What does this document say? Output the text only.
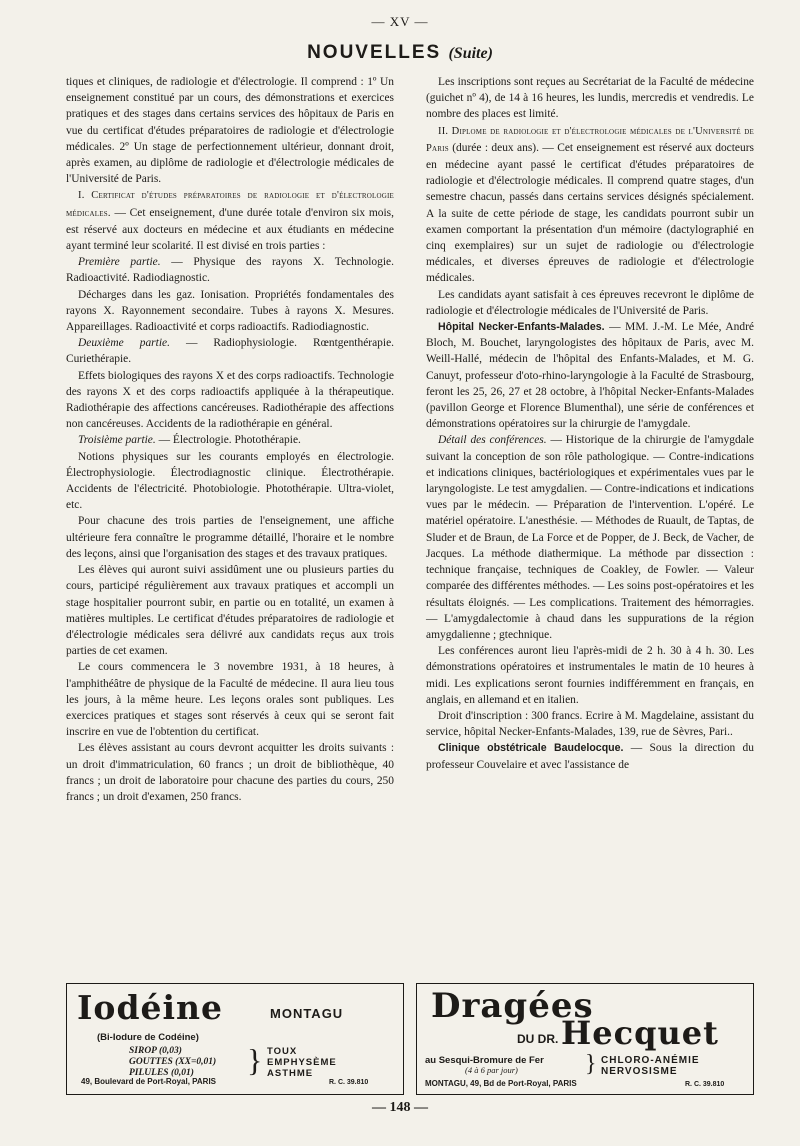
— XV —
NOUVELLES (Suite)

tiques et cliniques, de radiologie et d'électrologie. Il comprend : 1º Un enseignement constitué par un cours, des démonstrations et exercices pratiques et des stages dans certains services des hôpitaux de Paris en vue du certificat d'études préparatoires de radiologie et d'électrologie médicales. 2º Un stage de perfectionnement ultérieur, donnant droit, après examen, au diplôme de radiologie et d'électrologie médicales de l'Université de Paris.

I. Certificat d'études préparatoires de radiologie et d'électrologie médicales. — Cet enseignement, d'une durée totale d'environ six mois, est réservé aux docteurs en médecine et aux étudiants en médecine ayant terminé leur scolarité. Il est divisé en trois parties :

Première partie. — Physique des rayons X. Technologie. Radioactivité. Radiodiagnostic.

Décharges dans les gaz. Ionisation. Propriétés fondamentales des rayons X. Rayonnement secondaire. Tubes à rayons X. Mesures. Appareillages. Radioactivité et corps radioactifs. Radiodiagnostic.

Deuxième partie. — Radiophysiologie. Rœntgenthérapie. Curiethérapie.

Effets biologiques des rayons X et des corps radioactifs. Technologie des rayons X et des corps radioactifs appliquée à la thérapeutique. Radiothérapie des affections cancéreuses. Radiothérapie des affections non cancéreuses. Accidents de la radiothérapie en général.

Troisième partie. — Électrologie. Photothérapie.

Notions physiques sur les courants employés en électrologie. Électrophysiologie. Électrodiagnostic clinique. Électrothérapie. Accidents de l'électricité. Photobiologie. Photothérapie. Ultra-violet, etc.

Pour chacune des trois parties de l'enseignement, une affiche ultérieure fera connaître le programme détaillé, l'horaire et le nombre des leçons, ainsi que l'organisation des stages et des travaux pratiques.

Les élèves qui auront suivi assidûment une ou plusieurs parties du cours, participé régulièrement aux travaux pratiques et accompli un stage hospitalier pourront subir, en partie ou en totalité, un examen à matières multiples. Le certificat d'études préparatoires de radiologie et d'électrologie médicales sera délivré aux candidats reçus aux trois parties de cet examen.

Le cours commencera le 3 novembre 1931, à 18 heures, à l'amphithéâtre de physique de la Faculté de médecine. Il aura lieu tous les jours, à la même heure. Les leçons orales sont publiques. Les exercices pratiques et stages sont réservés à ceux qui se seront fait inscrire en vue de l'obtention du certificat.

Les élèves assistant au cours devront acquitter les droits suivants : un droit d'immatriculation, 60 francs ; un droit de bibliothèque, 40 francs ; un droit de laboratoire pour chacune des parties du cours, 250 francs ; un droit d'examen, 250 francs.

Les inscriptions sont reçues au Secrétariat de la Faculté de médecine (guichet nº 4), de 14 à 16 heures, les lundis, mercredis et vendredis. Le nombre des places est limité.

II. Diplome de radiologie et d'électrologie médicales de l'Université de Paris (durée : deux ans). — Cet enseignement est réservé aux docteurs en médecine ayant passé le certificat d'études préparatoires de radiologie et d'électrologie médicales. Il comprend quatre stages, d'un semestre chacun, passés dans certains services désignés spécialement. A la suite de cette période de stage, les candidats pourront subir un examen comportant la présentation d'un mémoire (dactylographié en cinq exemplaires) sur un sujet de radiologie ou d'électrologie médicales, et diverses épreuves de radiologie et d'électrologie médicales.

Les candidats ayant satisfait à ces épreuves recevront le diplôme de radiologie et d'électrologie médicales de l'Université de Paris.

Hôpital Necker-Enfants-Malades. — MM. J.-M. Le Mée, André Bloch, M. Bouchet, laryngologistes des hôpitaux de Paris, avec M. Weill-Hallé, médecin de l'hôpital des Enfants-Malades, et M. G. Canuyt, professeur d'oto-rhino-laryngologie à la Faculté de Strasbourg, feront les 25, 26, 27 et 28 octobre, à l'hôpital Necker-Enfants-Malades (pavillon George et Florence Blumenthal), une série de conférences et démonstrations opératoires sur la chirurgie de l'amygdale.

Détail des conférences. — Historique de la chirurgie de l'amygdale suivant la conception de son rôle pathologique. — Contre-indications et indications cliniques, bactériologiques et expérimentales vues par le laryngologiste. Le test amygdalien. — Contre-indications et indications vues par le médecin. — Préparation de l'intervention. L'opéré. Le matériel opératoire. L'anesthésie. — Méthodes de Ruault, de Taptas, de Sluder et de Braun, de La Force et de Popper, de J. Beck, de Vacher, de Jacques. La méthode diathermique. La méthode par dissection : technique française, techniques de Coakley, de Fowler. — Valeur comparée des différentes méthodes. — Les soins post-opératoires et les résultats éloignés. — Les complications. Traitement des hémorragies. — L'amygdalectomie à chaud dans les suppurations de la région amygdalienne ; gtechnique.

Les conférences auront lieu l'après-midi de 2 h. 30 à 4 h. 30. Les démonstrations opératoires et instrumentales le matin de 10 heures à midi. Les explications seront fournies indifféremment en français, en anglais, en allemand et en italien.

Droit d'inscription : 300 francs. Ecrire à M. Magdelaine, assistant du service, hôpital Necker-Enfants-Malades, 139, rue de Sèvres, Pari..

Clinique obstétricale Baudelocque. — Sous la direction du professeur Couvelaire et avec l'assistance de

Iodéine	MONTAGU
(Bi-Iodure de Codéine)
SIROP (0,03)
GOUTTES (XX=0,01)
PILULES (0,01)	} TOUX
EMPHYSÈME
ASTHME
49, Boulevard de Port-Royal, PARIS	R. C. 39.810
Dragées
DU DR. Hecquet
au Sesqui-Bromure de Fer
(4 à 6 par jour)	} CHLORO-ANÉMIE
NERVOSISME
MONTAGU, 49, Bd de Port-Royal, PARIS	R. C. 39.810
— 148 —
